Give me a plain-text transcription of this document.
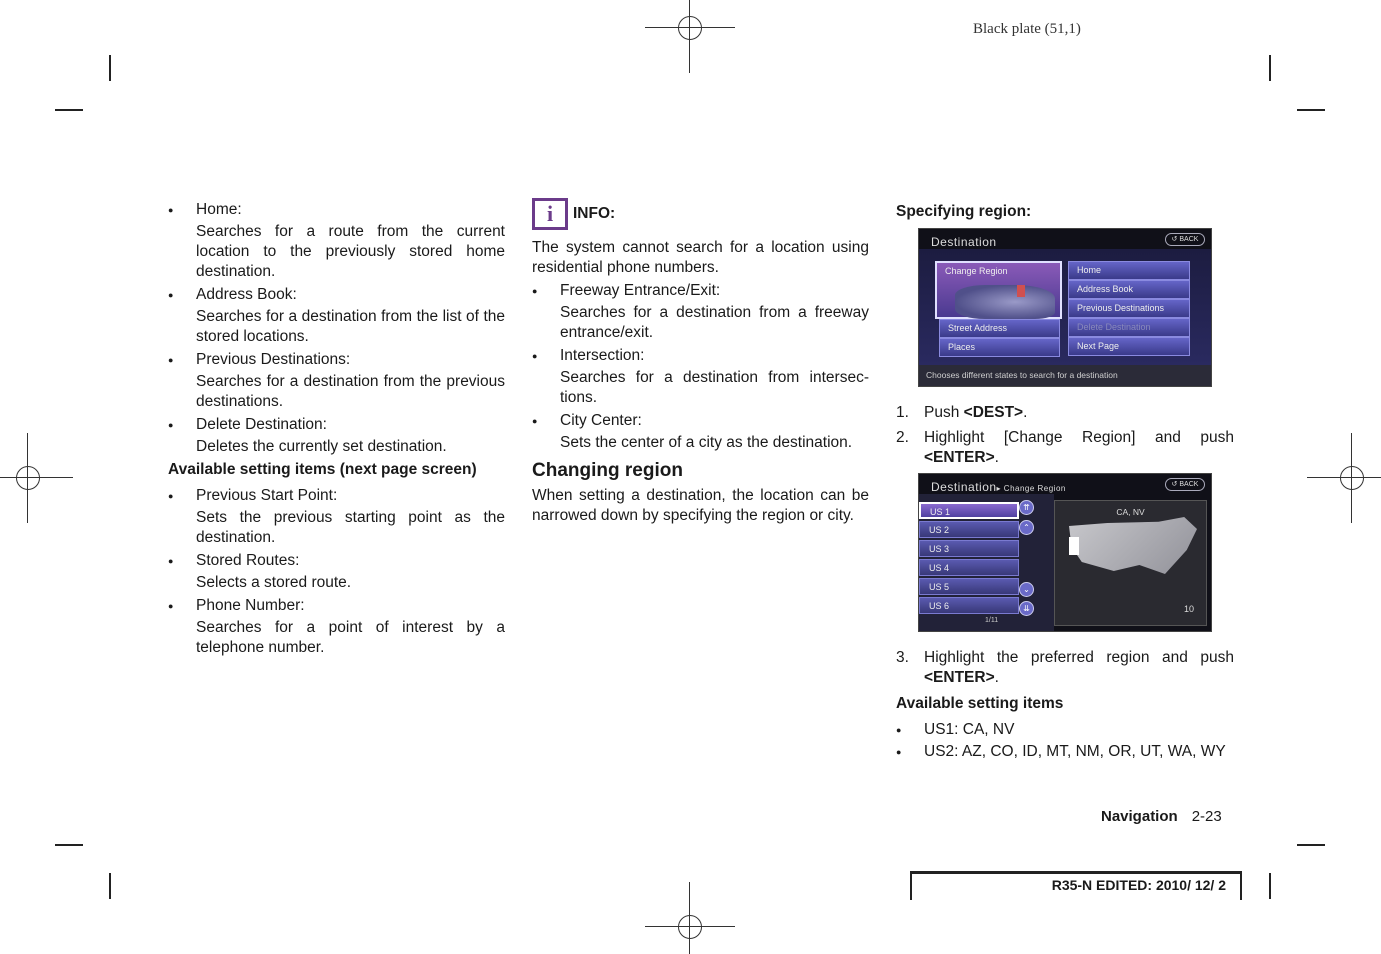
Black plate (51,1)
● Home:
Searches for a route from the current location to the previously stored home destination.
● Address Book:
Searches for a destination from the list of the stored locations.
● Previous Destinations:
Searches for a destination from the previous destinations.
● Delete Destination:
Deletes the currently set destination.
Available setting items (next page screen)
● Previous Start Point:
Sets the previous starting point as the destination.
● Stored Routes:
Selects a stored route.
● Phone Number:
Searches for a point of interest by a telephone number.
i INFO:
The system cannot search for a location using residential phone numbers.
● Freeway Entrance/Exit:
Searches for a destination from a freeway entrance/exit.
● Intersection:
Searches for a destination from intersec-tions.
● City Center:
Sets the center of a city as the destination.
Changing region
When setting a destination, the location can be narrowed down by specifying the region or city.
Specifying region:
Destination	↺ BACK
Change Region
Street Address
Places
Home
Address Book
Previous Destinations
Delete Destination
Next Page
Chooses different states to search for a destination
1. Push <DEST>.
2. Highlight [Change Region] and push <ENTER>.
Destination▸ Change Region	↺ BACK
US 1
US 2
US 3
US 4
US 5
US 6
⇈
⌃
⌄
⇊
1/11
CA, NV
10
3. Highlight the preferred region and push <ENTER>.
Available setting items
● US1: CA, NV
● US2: AZ, CO, ID, MT, NM, OR, UT, WA, WY
Navigation 2-23
R35-N EDITED: 2010/ 12/ 2
